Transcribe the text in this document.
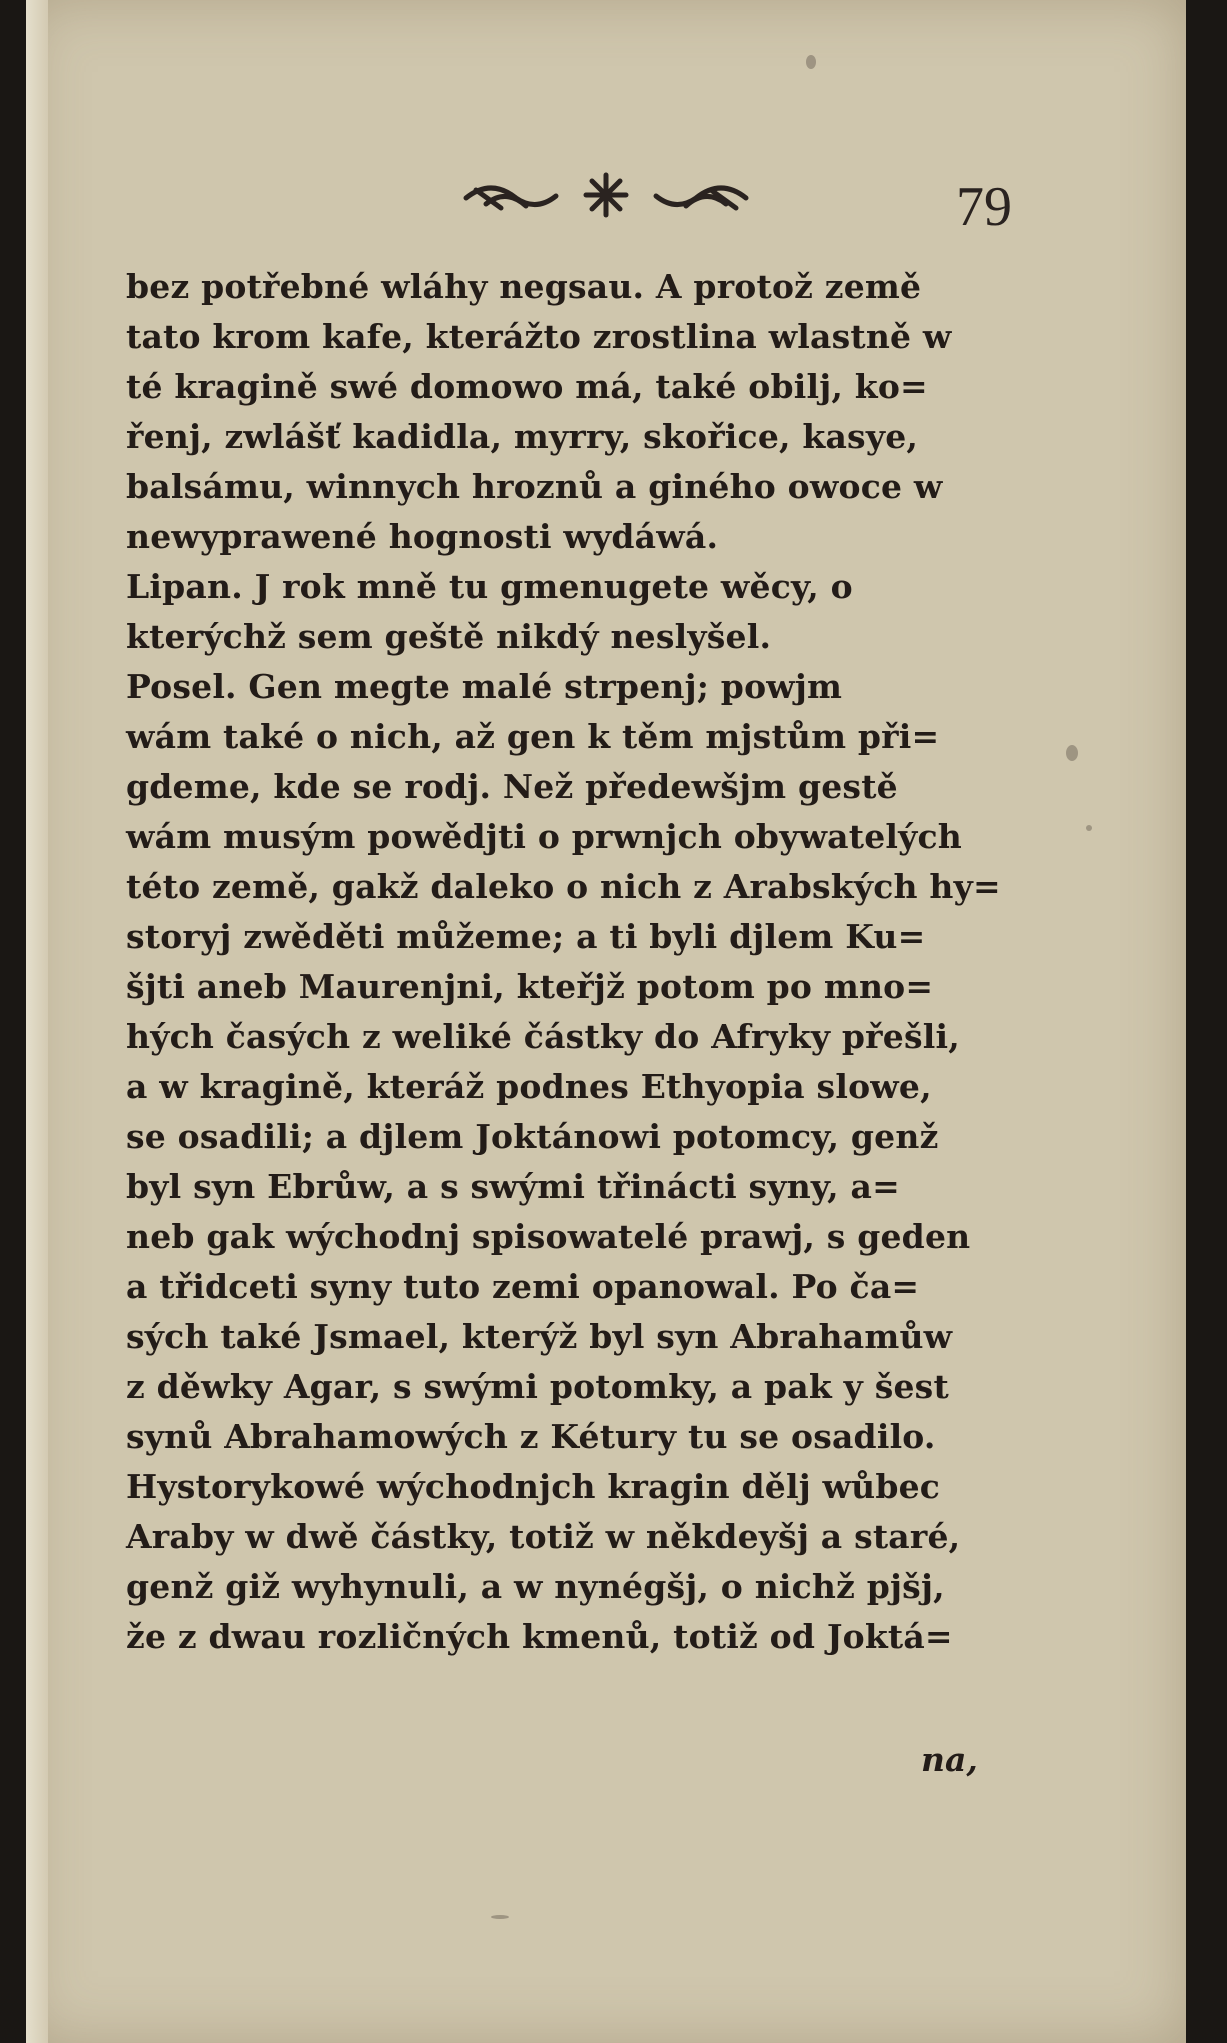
79
bez potřebné wláhy negsau. A protož země
tato krom kafe, kterážto zrostlina wlastně w
té kragině swé domowo má, také obilj, ko=
řenj, zwlášť kadidla, myrry, skořice, kasye,
balsámu, winnych hroznů a giného owoce w
newyprawené hognosti wydáwá.
Lipan. J rok mně tu gmenugete wěcy, o
kterýchž sem geště nikdý neslyšel.
Posel. Gen megte malé strpenj; powjm
wám také o nich, až gen k těm mjstům při=
gdeme, kde se rodj. Než předewšjm gestě
wám musým powědjti o prwnjch obywatelých
této země, gakž daleko o nich z Arabských hy=
storyj zwěděti můžeme; a ti byli djlem Ku=
šjti aneb Maurenjni, kteřjž potom po mno=
hých časých z weliké částky do Afryky přešli,
a w kragině, kteráž podnes Ethyopia slowe,
se osadili; a djlem Joktánowi potomcy, genž
byl syn Ebrůw, a s swými třinácti syny, a=
neb gak wýchodnj spisowatelé prawj, s geden
a třidceti syny tuto zemi opanowal. Po ča=
sých také Jsmael, kterýž byl syn Abrahamůw
z děwky Agar, s swými potomky, a pak y šest
synů Abrahamowých z Kétury tu se osadilo.
Hystorykowé wýchodnjch kragin dělj wůbec
Araby w dwě částky, totiž w někdeyšj a staré,
genž giž wyhynuli, a w nynégšj, o nichž pjšj,
že z dwau rozličných kmenů, totiž od Joktá=
na,
